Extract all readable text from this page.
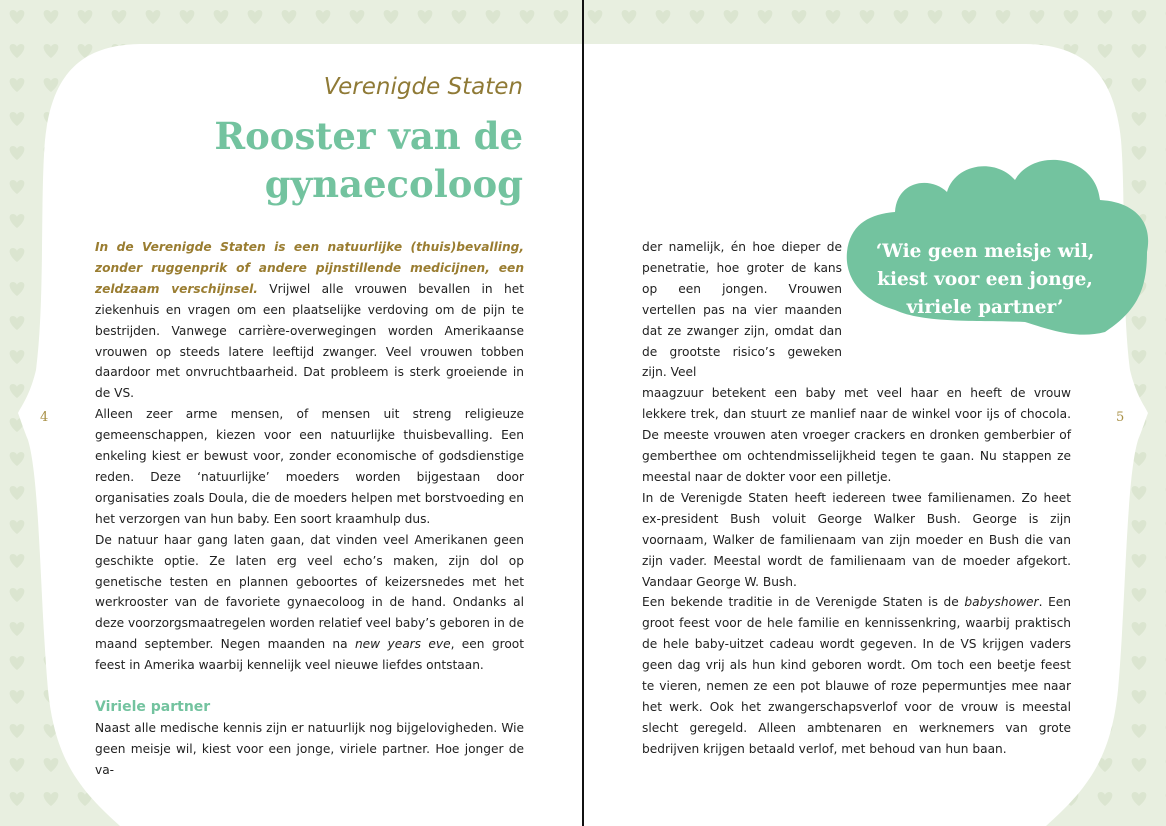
4	5
Verenigde Staten
Rooster van de
gynaecoloog

In de Verenigde Staten is een natuurlijke (thuis)bevalling, zonder ruggenprik of andere pijnstillende medicijnen, een zeldzaam verschijnsel. Vrijwel alle vrouwen bevallen in het ziekenhuis en vragen om een plaatselijke verdoving om de pijn te bestrijden. Vanwege carrière-overwegingen worden Amerikaanse vrouwen op steeds latere leeftijd zwanger. Veel vrouwen tobben daardoor met onvruchtbaarheid. Dat probleem is sterk groeiende in de VS.

Alleen zeer arme mensen, of mensen uit streng religieuze gemeenschappen, kiezen voor een natuurlijke thuisbevalling. Een enkeling kiest er bewust voor, zonder economische of godsdienstige reden. Deze ‘natuurlijke’ moeders worden bijgestaan door organisaties zoals Doula, die de moeders helpen met borstvoeding en het verzorgen van hun baby. Een soort kraamhulp dus.

De natuur haar gang laten gaan, dat vinden veel Amerikanen geen geschikte optie. Ze laten erg veel echo’s maken, zijn dol op genetische testen en plannen geboortes of keizersnedes met het werkrooster van de favoriete gynaecoloog in de hand. Ondanks al deze voorzorgsmaatregelen worden relatief veel baby’s geboren in de maand september. Negen maanden na new years eve, een groot feest in Amerika waarbij kennelijk veel nieuwe liefdes ontstaan.

Viriele partner

Naast alle medische kennis zijn er natuurlijk nog bijgelovigheden. Wie geen meisje wil, kiest voor een jonge, viriele partner. Hoe jonger de va-

‘Wie geen meisje wil,
kiest voor een jonge,
viriele partner’

der namelijk, én hoe dieper de penetratie, hoe groter de kans op een jongen. Vrouwen vertellen pas na vier maanden dat ze zwanger zijn, omdat dan de grootste risico’s geweken zijn. Veel

maagzuur betekent een baby met veel haar en heeft de vrouw lekkere trek, dan stuurt ze manlief naar de winkel voor ijs of chocola. De meeste vrouwen aten vroeger crackers en dronken gemberbier of gemberthee om ochtendmisselijkheid tegen te gaan. Nu stappen ze meestal naar de dokter voor een pilletje.

In de Verenigde Staten heeft iedereen twee familienamen. Zo heet ex-president Bush voluit George Walker Bush. George is zijn voornaam, Walker de familienaam van zijn moeder en Bush die van zijn vader. Meestal wordt de familienaam van de moeder afgekort. Vandaar George W. Bush.

Een bekende traditie in de Verenigde Staten is de babyshower. Een groot feest voor de hele familie en kennissenkring, waarbij praktisch de hele baby-uitzet cadeau wordt gegeven. In de VS krijgen vaders geen dag vrij als hun kind geboren wordt. Om toch een beetje feest te vieren, nemen ze een pot blauwe of roze pepermuntjes mee naar het werk. Ook het zwangerschapsverlof voor de vrouw is meestal slecht geregeld. Alleen ambtenaren en werknemers van grote bedrijven krijgen betaald verlof, met behoud van hun baan.
